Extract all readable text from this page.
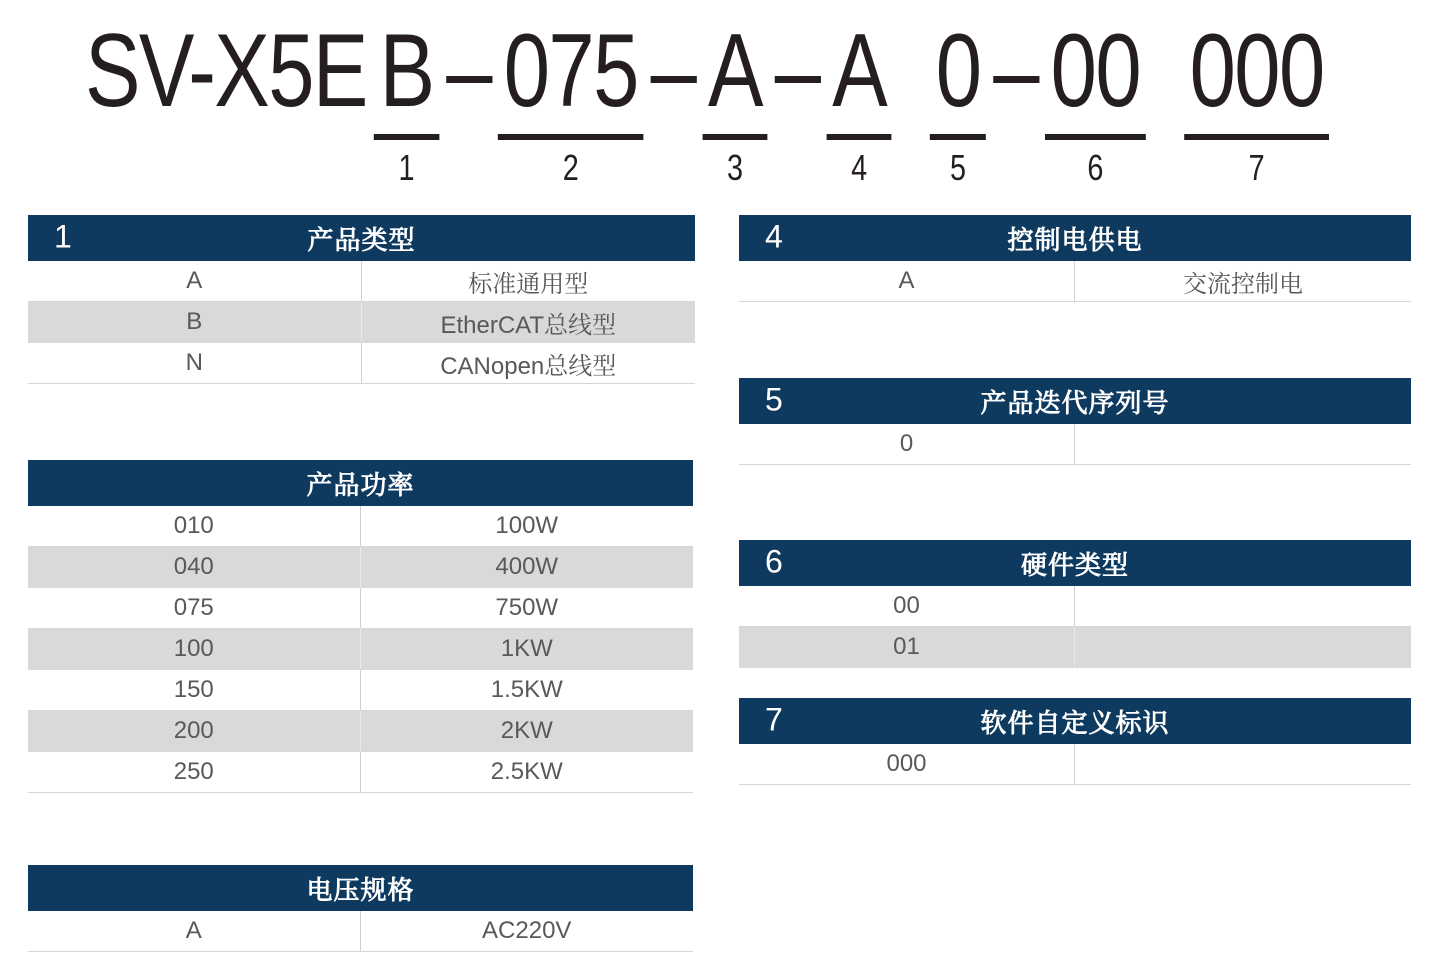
SV-X5E B
1
– 075
2
– A
3
– A
4
0
5
– 00
6
000
7
1	产品类型
A	标准通用型
B	EtherCAT总线型
N	CANopen总线型
产品功率
010	100W
040	400W
075	750W
100	1KW
150	1.5KW
200	2KW
250	2.5KW
电压规格
A	AC220V
4	控制电供电
A	交流控制电
5	产品迭代序列号
0
6	硬件类型
00
01
7	软件自定义标识
000
